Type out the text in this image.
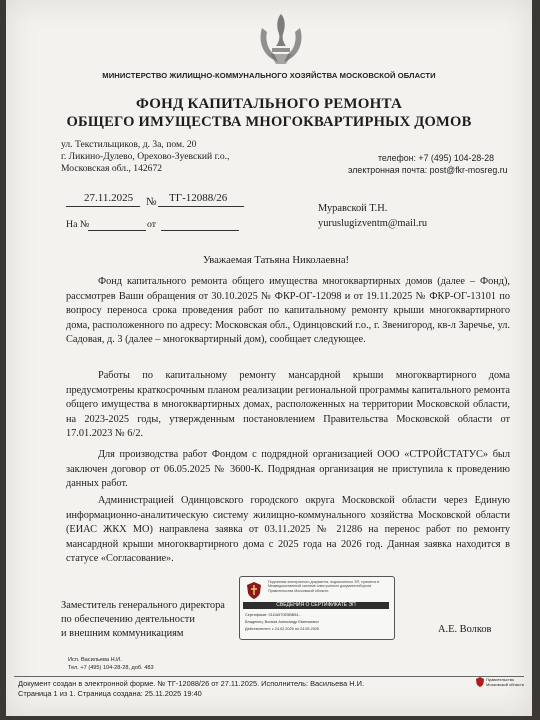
МИНИСТЕРСТВО ЖИЛИЩНО-КОММУНАЛЬНОГО ХОЗЯЙСТВА МОСКОВСКОЙ ОБЛАСТИ
ФОНД КАПИТАЛЬНОГО РЕМОНТА
ОБЩЕГО ИМУЩЕСТВА МНОГОКВАРТИРНЫХ ДОМОВ
ул. Текстильщиков, д. 3а, пом. 20
г. Ликино-Дулево, Орехово-Зуевский г.о.,
Московская обл., 142672
телефон: +7 (495) 104-28-28
электронная почта: post@fkr-mosreg.ru
27.11.2025 № ТГ-12088/26
На №	от
Муравской Т.Н.
yuruslugizventm@mail.ru
Уважаемая Татьяна Николаевна!
Фонд капитального ремонта общего имущества многоквартирных домов (далее – Фонд), рассмотрев Ваши обращения от 30.10.2025 № ФКР-ОГ-12098 и от 19.11.2025 № ФКР-ОГ-13101 по вопросу переноса срока проведения работ по капитальному ремонту крыши многоквартирного дома, расположенного по адресу: Московская обл., Одинцовский г.о., г. Звенигород, кв-л Заречье, ул. Садовая, д. 3 (далее – многоквартирный дом), сообщает следующее.
Работы по капитальному ремонту мансардной крыши многоквартирного дома предусмотрены краткосрочным планом реализации региональной программы капитального ремонта общего имущества в многоквартирных домах, расположенных на территории Московской области, на 2023-2025 годы, утвержденным постановлением Правительства Московской области от 17.01.2023 № 6/2.
Для производства работ Фондом с подрядной организацией ООО «СТРОЙСТАТУС» был заключен договор от 06.05.2025 № 3600-К. Подрядная организация не приступила к проведению данных работ.
Администрацией Одинцовского городского округа Московской области через Единую информационно-аналитическую систему жилищно-коммунального хозяйства Московской области (ЕИАС ЖКХ МО) направлена заявка от 03.11.2025 № 21286 на перенос работ по ремонту мансардной крыши многоквартирного дома с 2025 года на 2026 год. Данная заявка находится в статусе «Согласование».
Заместитель генерального директора
по обеспечению деятельности
и внешним коммуникациям	А.Е. Волков
Подлинник электронного документа, подписанного ЭП, хранится в Межведомственной системе электронного документооборота Правительства Московской области
СВЕДЕНИЯ О СЕРТИФИКАТЕ ЭП
Сертификат: 01DA570E5BB94...
Владелец: Волков Александр Евгеньевич
Действителен: с 24.02.2025 по 24.05.2026
Исп. Васильева Н.И.
Тел. +7 (495) 104-28-28, доб. 483
Документ создан в электронной форме. № ТГ-12088/26 от 27.11.2025. Исполнитель: Васильева Н.И.
Страница 1 из 1. Страница создана: 25.11.2025 19:40
Правительство Московской области
